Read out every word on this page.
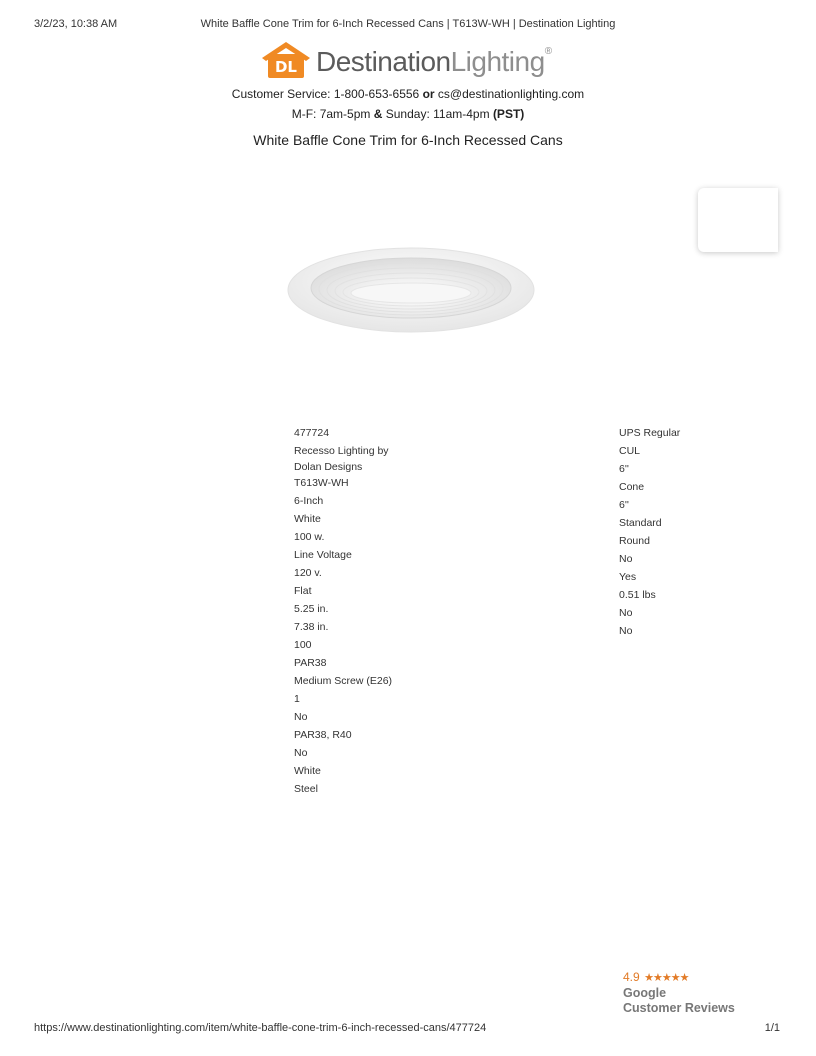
3/2/23, 10:38 AM	White Baffle Cone Trim for 6-Inch Recessed Cans | T613W-WH | Destination Lighting
DL DestinationLighting®
Customer Service: 1-800-653-6556 or cs@destinationlighting.com
M-F: 7am-5pm & Sunday: 11am-4pm (PST)
White Baffle Cone Trim for 6-Inch Recessed Cans
477724
Recesso Lighting by Dolan Designs
T613W-WH
6-Inch
White
100 w.
Line Voltage
120 v.
Flat
5.25 in.
7.38 in.
100
PAR38
Medium Screw (E26)
1
No
PAR38, R40
No
White
Steel
UPS Regular
CUL
6''
Cone
6''
Standard
Round
No
Yes
0.51 lbs
No
No
4.9 ★★★★★
Google
Customer Reviews
https://www.destinationlighting.com/item/white-baffle-cone-trim-6-inch-recessed-cans/477724	1/1
